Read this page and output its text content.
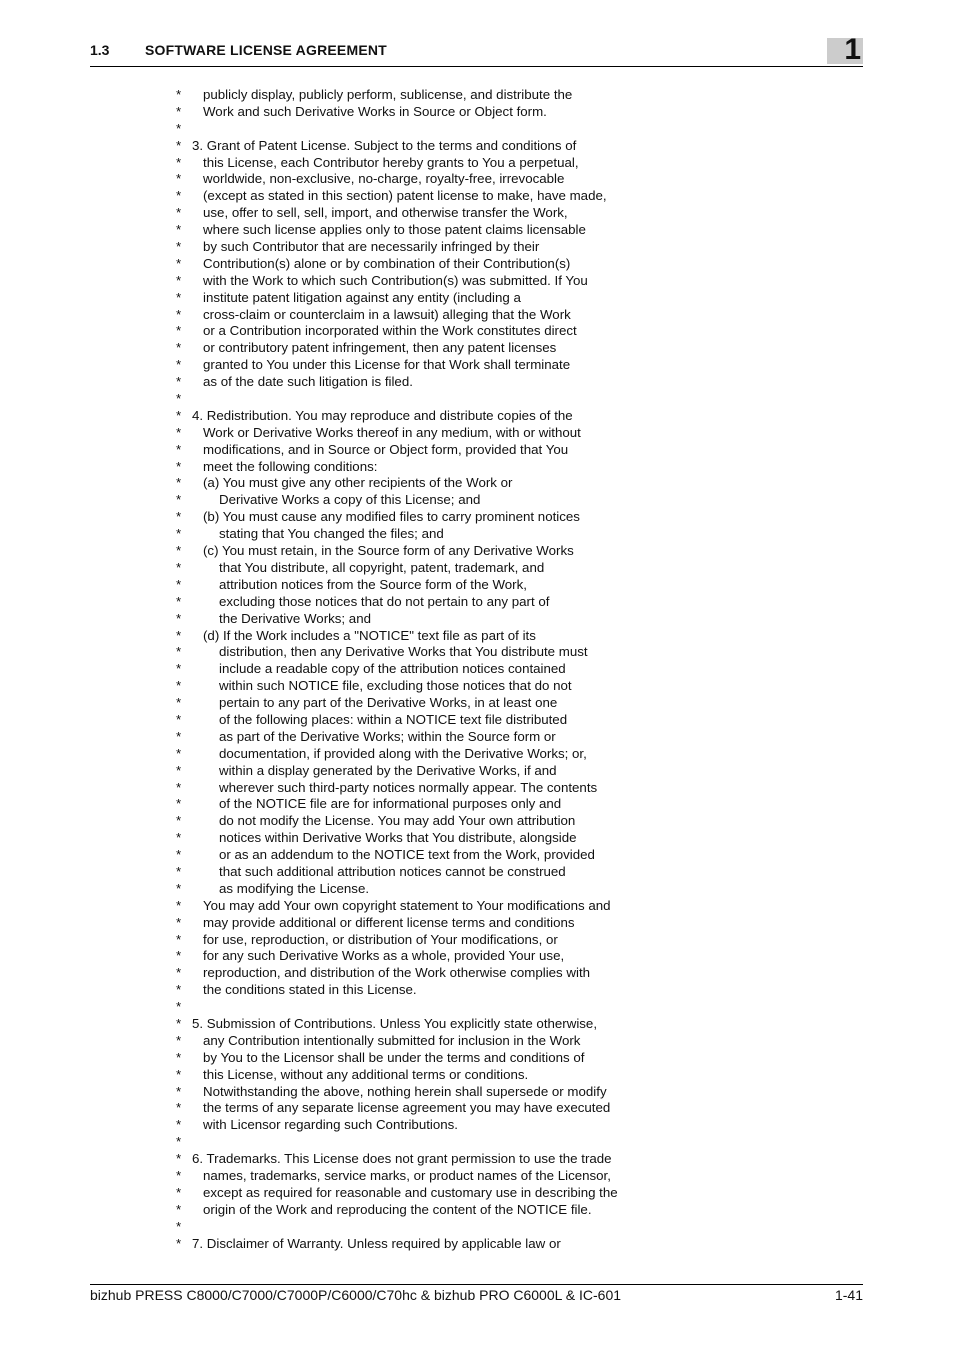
1.3	SOFTWARE LICENSE AGREEMENT	1
* publicly display, publicly perform, sublicense, and distribute the
* Work and such Derivative Works in Source or Object form.
*
* 3. Grant of Patent License. Subject to the terms and conditions of
* this License, each Contributor hereby grants to You a perpetual,
* worldwide, non-exclusive, no-charge, royalty-free, irrevocable
* (except as stated in this section) patent license to make, have made,
* use, offer to sell, sell, import, and otherwise transfer the Work,
* where such license applies only to those patent claims licensable
* by such Contributor that are necessarily infringed by their
* Contribution(s) alone or by combination of their Contribution(s)
* with the Work to which such Contribution(s) was submitted. If You
* institute patent litigation against any entity (including a
* cross-claim or counterclaim in a lawsuit) alleging that the Work
* or a Contribution incorporated within the Work constitutes direct
* or contributory patent infringement, then any patent licenses
* granted to You under this License for that Work shall terminate
* as of the date such litigation is filed.
*
* 4. Redistribution. You may reproduce and distribute copies of the
* Work or Derivative Works thereof in any medium, with or without
* modifications, and in Source or Object form, provided that You
* meet the following conditions:
* (a) You must give any other recipients of the Work or
*	Derivative Works a copy of this License; and
* (b) You must cause any modified files to carry prominent notices
*	stating that You changed the files; and
* (c) You must retain, in the Source form of any Derivative Works
*	that You distribute, all copyright, patent, trademark, and
*	attribution notices from the Source form of the Work,
*	excluding those notices that do not pertain to any part of
*	the Derivative Works; and
* (d) If the Work includes a "NOTICE" text file as part of its
*	distribution, then any Derivative Works that You distribute must
*	include a readable copy of the attribution notices contained
*	within such NOTICE file, excluding those notices that do not
*	pertain to any part of the Derivative Works, in at least one
*	of the following places: within a NOTICE text file distributed
*	as part of the Derivative Works; within the Source form or
*	documentation, if provided along with the Derivative Works; or,
*	within a display generated by the Derivative Works, if and
*	wherever such third-party notices normally appear. The contents
*	of the NOTICE file are for informational purposes only and
*	do not modify the License. You may add Your own attribution
*	notices within Derivative Works that You distribute, alongside
*	or as an addendum to the NOTICE text from the Work, provided
*	that such additional attribution notices cannot be construed
*	as modifying the License.
* You may add Your own copyright statement to Your modifications and
* may provide additional or different license terms and conditions
* for use, reproduction, or distribution of Your modifications, or
* for any such Derivative Works as a whole, provided Your use,
* reproduction, and distribution of the Work otherwise complies with
* the conditions stated in this License.
*
* 5. Submission of Contributions. Unless You explicitly state otherwise,
* any Contribution intentionally submitted for inclusion in the Work
* by You to the Licensor shall be under the terms and conditions of
* this License, without any additional terms or conditions.
* Notwithstanding the above, nothing herein shall supersede or modify
* the terms of any separate license agreement you may have executed
* with Licensor regarding such Contributions.
*
* 6. Trademarks. This License does not grant permission to use the trade
* names, trademarks, service marks, or product names of the Licensor,
* except as required for reasonable and customary use in describing the
* origin of the Work and reproducing the content of the NOTICE file.
*
* 7. Disclaimer of Warranty. Unless required by applicable law or
bizhub PRESS C8000/C7000/C7000P/C6000/C70hc & bizhub PRO C6000L & IC-601	1-41
